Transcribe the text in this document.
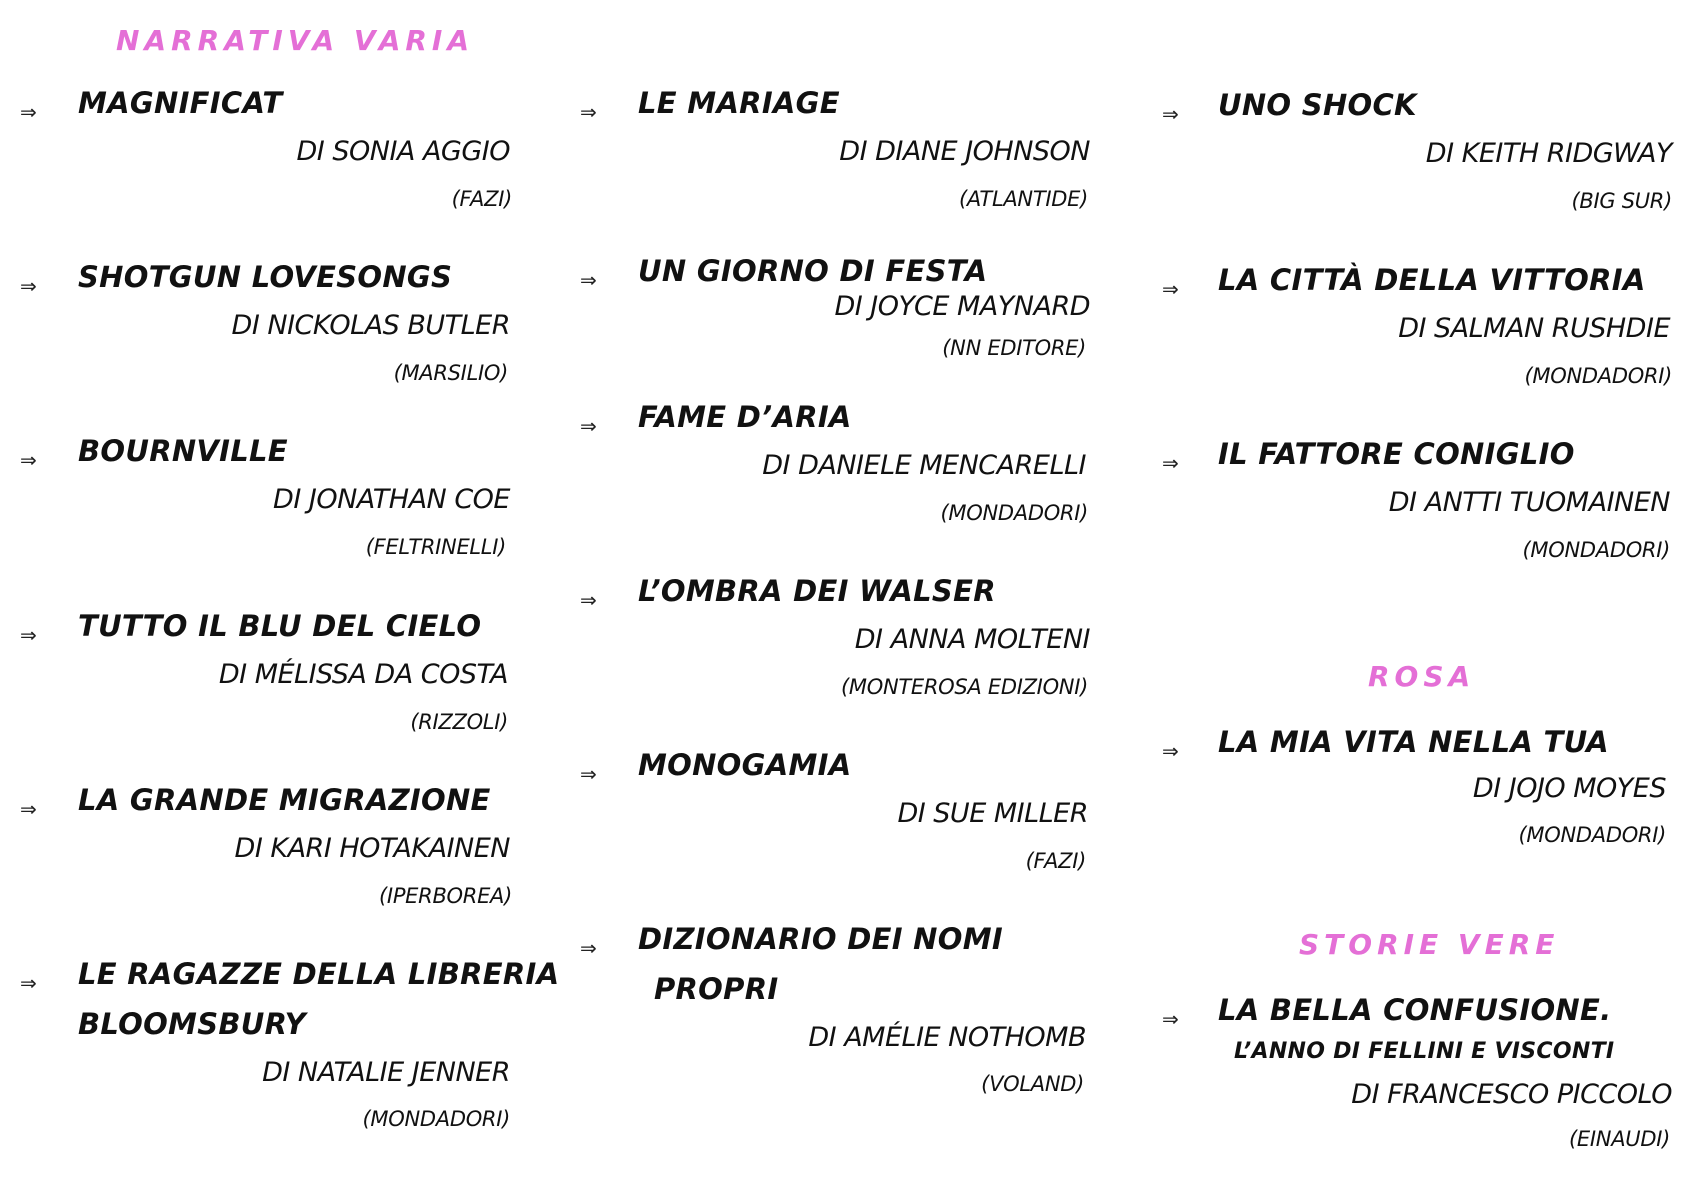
NARRATIVA VARIA
ROSA
STORIE VERE
⇒ MAGNIFICAT
DI SONIA AGGIO
(FAZI)
⇒ SHOTGUN LOVESONGS
DI NICKOLAS BUTLER
(MARSILIO)
⇒ BOURNVILLE
DI JONATHAN COE
(FELTRINELLI)
⇒ TUTTO IL BLU DEL CIELO
DI MÉLISSA DA COSTA
(RIZZOLI)
⇒ LA GRANDE MIGRAZIONE
DI KARI HOTAKAINEN
(IPERBOREA)
⇒ LE RAGAZZE DELLA LIBRERIA
BLOOMSBURY
DI NATALIE JENNER
(MONDADORI)
⇒ LE MARIAGE
DI DIANE JOHNSON
(ATLANTIDE)
⇒ UN GIORNO DI FESTA
DI JOYCE MAYNARD
(NN EDITORE)
⇒ FAME D’ARIA
DI DANIELE MENCARELLI
(MONDADORI)
⇒ L’OMBRA DEI WALSER
DI ANNA MOLTENI
(MONTEROSA EDIZIONI)
⇒ MONOGAMIA
DI SUE MILLER
(FAZI)
⇒ DIZIONARIO DEI NOMI
PROPRI
DI AMÉLIE NOTHOMB
(VOLAND)
⇒ UNO SHOCK
DI KEITH RIDGWAY
(BIG SUR)
⇒ LA CITTÀ DELLA VITTORIA
DI SALMAN RUSHDIE
(MONDADORI)
⇒ IL FATTORE CONIGLIO
DI ANTTI TUOMAINEN
(MONDADORI)
⇒ LA MIA VITA NELLA TUA
DI JOJO MOYES
(MONDADORI)
⇒ LA BELLA CONFUSIONE.
L’ANNO DI FELLINI E VISCONTI
DI FRANCESCO PICCOLO
(EINAUDI)
